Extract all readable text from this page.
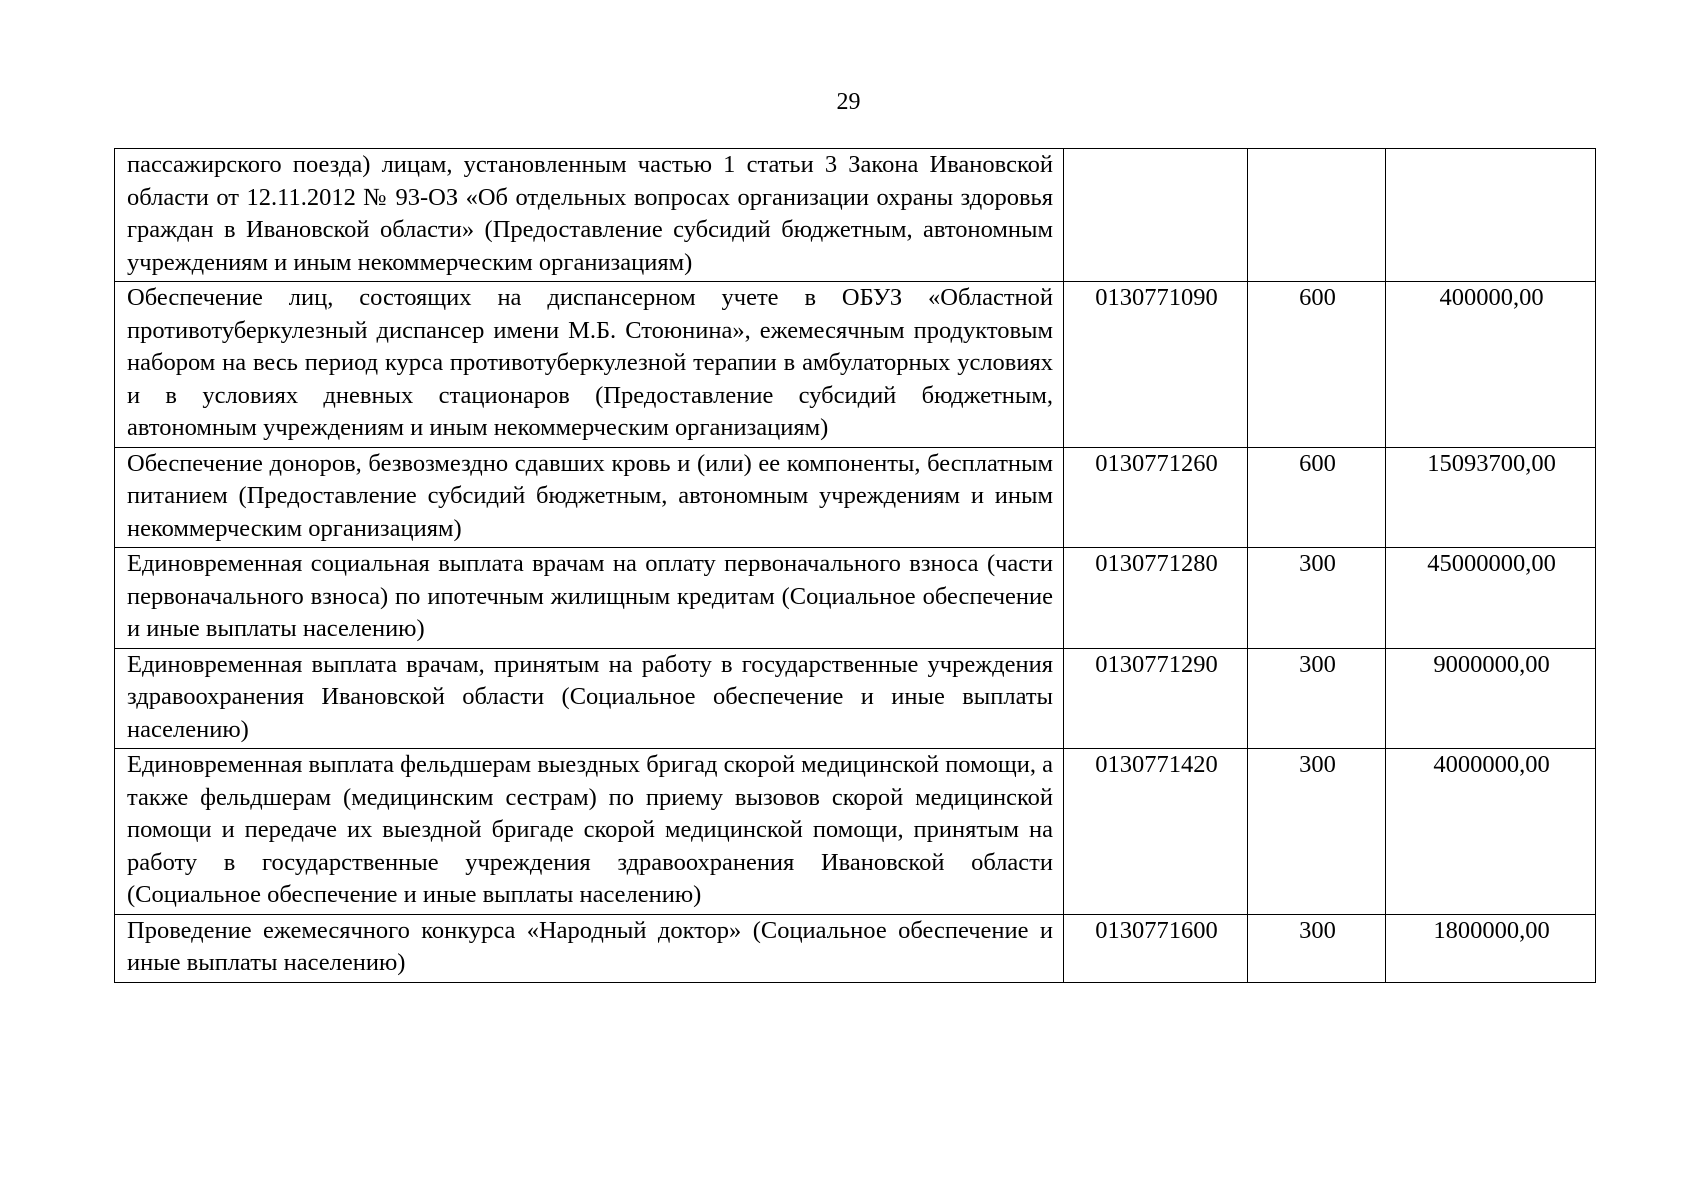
29
пассажирского поезда) лицам, установленным частью 1 статьи 3 Закона Ивановской области от 12.11.2012 № 93-ОЗ «Об отдельных вопросах организации охраны здоровья граждан в Ивановской области» (Предоставление субсидий бюджетным, автономным учреждениям и иным некоммерческим организациям)			
Обеспечение лиц, состоящих на диспансерном учете в ОБУЗ «Областной противотуберкулезный диспансер имени М.Б. Стоюнина», ежемесячным продуктовым набором на весь период курса противотуберкулезной терапии в амбулаторных условиях и в условиях дневных стационаров (Предоставление субсидий бюджетным, автономным учреждениям и иным некоммерческим организациям)	0130771090	600	400000,00
Обеспечение доноров, безвозмездно сдавших кровь и (или) ее компоненты, бесплатным питанием (Предоставление субсидий бюджетным, автономным учреждениям и иным некоммерческим организациям)	0130771260	600	15093700,00
Единовременная социальная выплата врачам на оплату первоначального взноса (части первоначального взноса) по ипотечным жилищным кредитам (Социальное обеспечение и иные выплаты населению)	0130771280	300	45000000,00
Единовременная выплата врачам, принятым на работу в государственные учреждения здравоохранения Ивановской области (Социальное обеспечение и иные выплаты населению)	0130771290	300	9000000,00
Единовременная выплата фельдшерам выездных бригад скорой медицинской помощи, а также фельдшерам (медицинским сестрам) по приему вызовов скорой медицинской помощи и передаче их выездной бригаде скорой медицинской помощи, принятым на работу в государственные учреждения здравоохранения Ивановской области (Социальное обеспечение и иные выплаты населению)	0130771420	300	4000000,00
Проведение ежемесячного конкурса «Народный доктор» (Социальное обеспечение и иные выплаты населению)	0130771600	300	1800000,00
